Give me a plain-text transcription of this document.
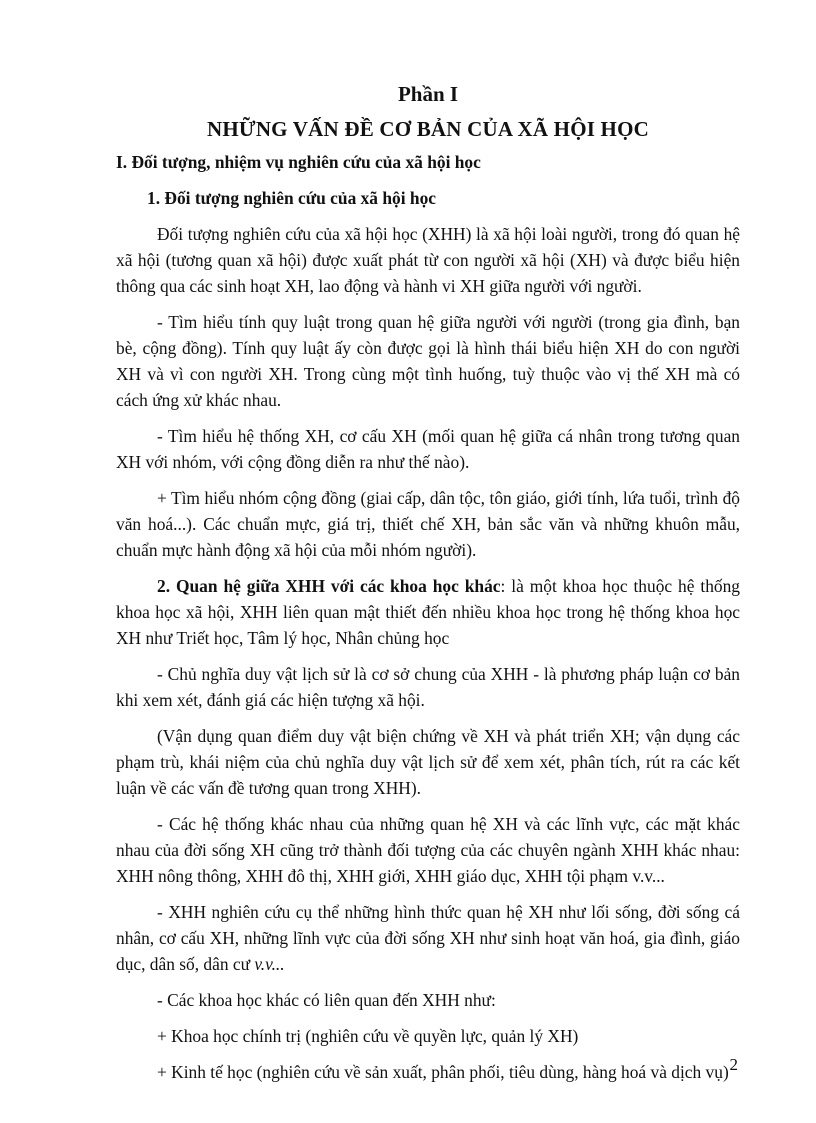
Phần I
NHỮNG VẤN ĐỀ CƠ BẢN CỦA XÃ HỘI HỌC
I. Đối tượng, nhiệm vụ nghiên cứu của xã hội học
1. Đối tượng nghiên cứu của xã hội học

Đối tượng nghiên cứu của xã hội học (XHH) là xã hội loài người, trong đó quan hệ xã hội (tương quan xã hội) được xuất phát từ con người xã hội (XH) và được biểu hiện thông qua các sinh hoạt XH, lao động và hành vi XH giữa người với người.

- Tìm hiểu tính quy luật trong quan hệ giữa người với người (trong gia đình, bạn bè, cộng đồng). Tính quy luật ấy còn được gọi là hình thái biểu hiện XH do con người XH và vì con người XH. Trong cùng một tình huống, tuỳ thuộc vào vị thế XH mà có cách ứng xử khác nhau.

- Tìm hiểu hệ thống XH, cơ cấu XH (mối quan hệ giữa cá nhân trong tương quan XH với nhóm, với cộng đồng diễn ra như thế nào).

+ Tìm hiểu nhóm cộng đồng (giai cấp, dân tộc, tôn giáo, giới tính, lứa tuổi, trình độ văn hoá...). Các chuẩn mực, giá trị, thiết chế XH, bản sắc văn và những khuôn mẫu, chuẩn mực hành động xã hội của mỗi nhóm người).

2. Quan hệ giữa XHH với các khoa học khác: là một khoa học thuộc hệ thống khoa học xã hội, XHH liên quan mật thiết đến nhiều khoa học trong hệ thống khoa học XH như Triết học, Tâm lý học, Nhân chủng học

- Chủ nghĩa duy vật lịch sử là cơ sở chung của XHH - là phương pháp luận cơ bản khi xem xét, đánh giá các hiện tượng xã hội.

(Vận dụng quan điểm duy vật biện chứng về XH và phát triển XH; vận dụng các phạm trù, khái niệm của chủ nghĩa duy vật lịch sử để xem xét, phân tích, rút ra các kết luận về các vấn đề tương quan trong XHH).

- Các hệ thống khác nhau của những quan hệ XH và các lĩnh vực, các mặt khác nhau của đời sống XH cũng trở thành đối tượng của các chuyên ngành XHH khác nhau: XHH nông thông, XHH đô thị, XHH giới, XHH giáo dục, XHH tội phạm v.v...

- XHH nghiên cứu cụ thể những hình thức quan hệ XH như lối sống, đời sống cá nhân, cơ cấu XH, những lĩnh vực của đời sống XH như sinh hoạt văn hoá, gia đình, giáo dục, dân số, dân cư v.v...

- Các khoa học khác có liên quan đến XHH như:

+ Khoa học chính trị (nghiên cứu về quyền lực, quản lý XH)

+ Kinh tế học (nghiên cứu về sản xuất, phân phối, tiêu dùng, hàng hoá và dịch vụ) 2
